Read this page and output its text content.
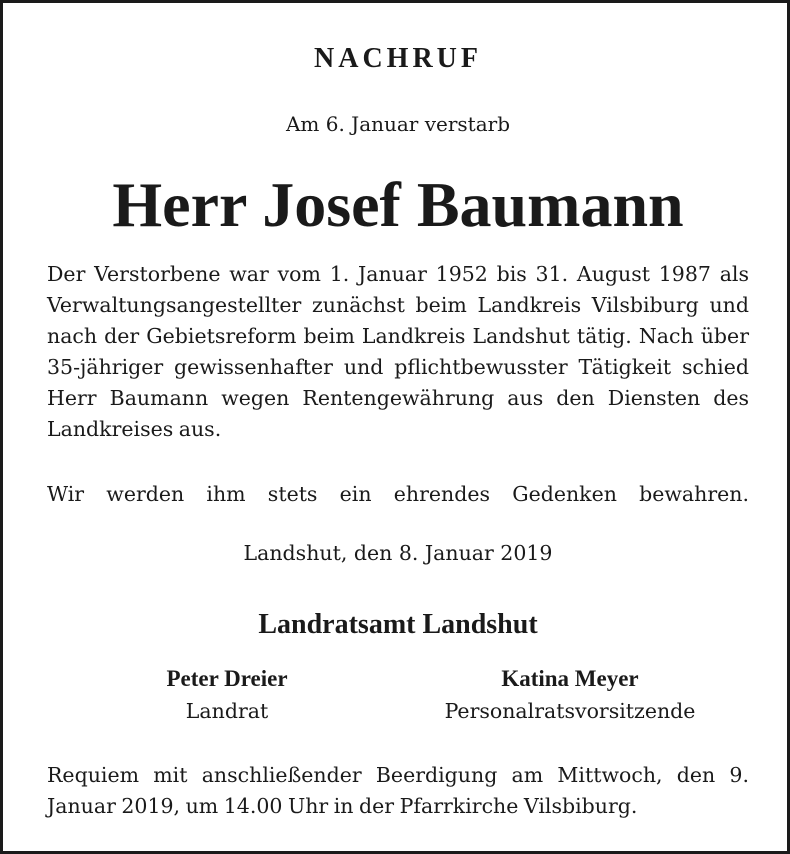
NACHRUF
Am 6. Januar verstarb
Herr Josef Baumann

Der Verstorbene war vom 1. Januar 1952 bis 31. August 1987 als Verwaltungsangestellter zunächst beim Landkreis Vilsbiburg und nach der Gebietsreform beim Landkreis Landshut tätig. Nach über 35-jähriger gewissenhafter und pflichtbewusster Tätigkeit schied Herr Baumann wegen Rentengewährung aus den Diensten des Landkreises aus.

Wir werden ihm stets ein ehrendes Gedenken bewahren.

Landshut, den 8. Januar 2019
Landratsamt Landshut
Peter Dreier
Landrat
Katina Meyer
Personalratsvorsitzende

Requiem mit anschließender Beerdigung am Mittwoch, den 9. Januar 2019, um 14.00 Uhr in der Pfarrkirche Vilsbiburg.
